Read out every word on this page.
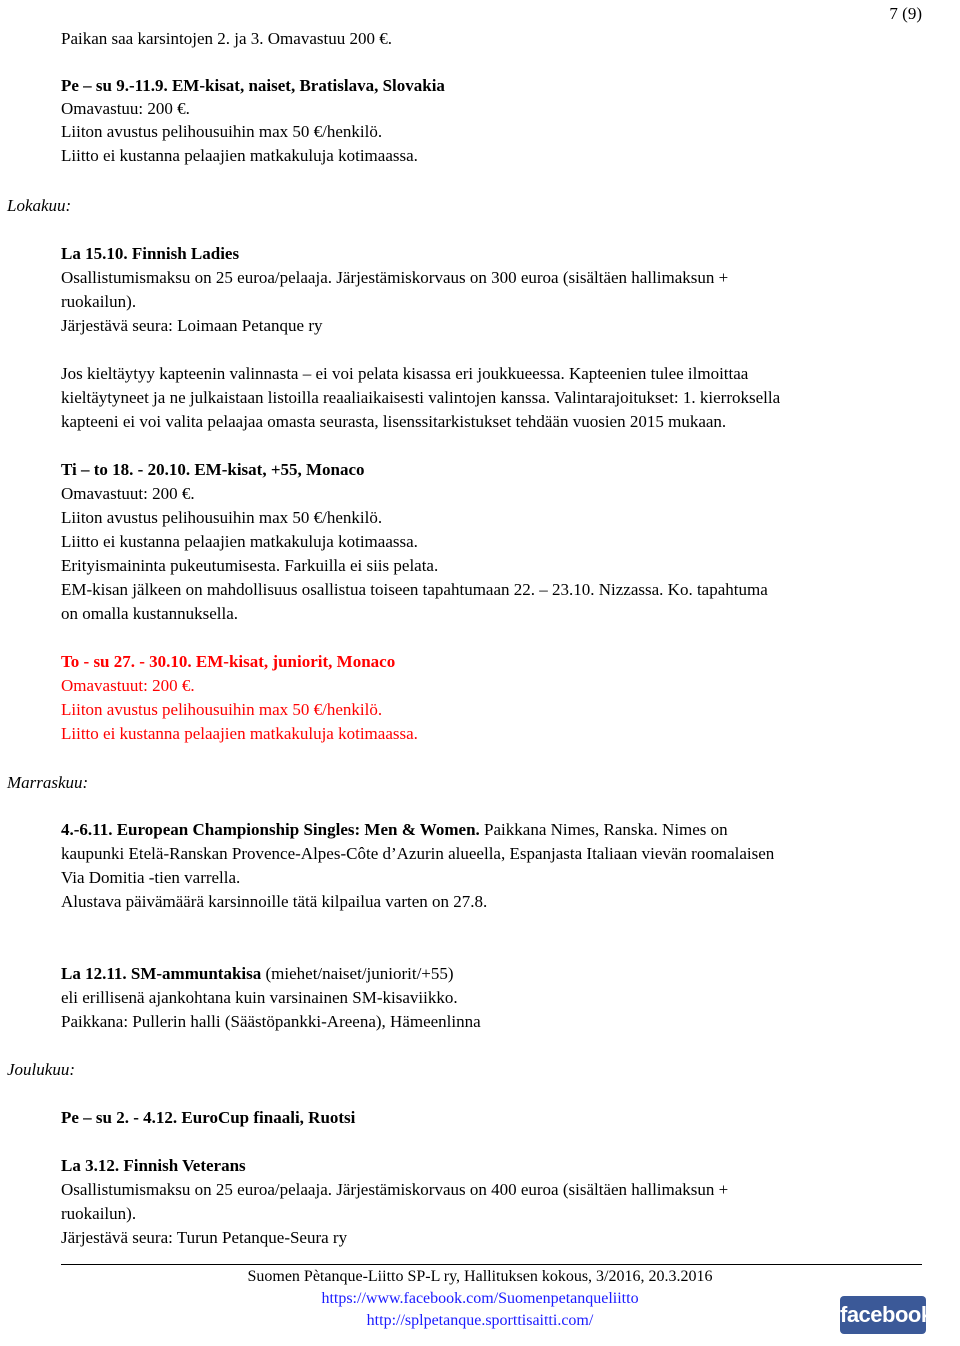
7 (9)
Paikan saa karsintojen 2. ja 3. Omavastuu 200 €.
Pe – su 9.-11.9. EM-kisat, naiset, Bratislava, Slovakia
Omavastuu: 200 €.
Liiton avustus pelihousuihin max 50 €/henkilö.
Liitto ei kustanna pelaajien matkakuluja kotimaassa.
Lokakuu:
La 15.10. Finnish Ladies
Osallistumismaksu on 25 euroa/pelaaja. Järjestämiskorvaus on 300 euroa (sisältäen hallimaksun +
ruokailun).
Järjestävä seura: Loimaan Petanque ry
Jos kieltäytyy kapteenin valinnasta – ei voi pelata kisassa eri joukkueessa. Kapteenien tulee ilmoittaa
kieltäytyneet ja ne julkaistaan listoilla reaaliaikaisesti valintojen kanssa. Valintarajoitukset: 1. kierroksella
kapteeni ei voi valita pelaajaa omasta seurasta, lisenssitarkistukset tehdään vuosien 2015 mukaan.
Ti – to 18. - 20.10. EM-kisat, +55, Monaco
Omavastuut: 200 €.
Liiton avustus pelihousuihin max 50 €/henkilö.
Liitto ei kustanna pelaajien matkakuluja kotimaassa.
Erityismaininta pukeutumisesta. Farkuilla ei siis pelata.
EM-kisan jälkeen on mahdollisuus osallistua toiseen tapahtumaan 22. – 23.10. Nizzassa. Ko. tapahtuma
on omalla kustannuksella.
To - su 27. - 30.10. EM-kisat, juniorit, Monaco
Omavastuut: 200 €.
Liiton avustus pelihousuihin max 50 €/henkilö.
Liitto ei kustanna pelaajien matkakuluja kotimaassa.
Marraskuu:
4.-6.11. European Championship Singles: Men & Women. Paikkana Nimes, Ranska. Nimes on
kaupunki Etelä-Ranskan Provence-Alpes-Côte d’Azurin alueella, Espanjasta Italiaan vievän roomalaisen
Via Domitia -tien varrella.
Alustava päivämäärä karsinnoille tätä kilpailua varten on 27.8.
La 12.11. SM-ammuntakisa (miehet/naiset/juniorit/+55)
eli erillisenä ajankohtana kuin varsinainen SM-kisaviikko.
Paikkana: Pullerin halli (Säästöpankki-Areena), Hämeenlinna
Joulukuu:
Pe – su 2. - 4.12. EuroCup finaali, Ruotsi
La 3.12. Finnish Veterans
Osallistumismaksu on 25 euroa/pelaaja. Järjestämiskorvaus on 400 euroa (sisältäen hallimaksun +
ruokailun).
Järjestävä seura: Turun Petanque-Seura ry
Suomen Pètanque-Liitto SP-L ry, Hallituksen kokous, 3/2016, 20.3.2016
https://www.facebook.com/Suomenpetanqueliitto
http://splpetanque.sporttisaitti.com/	facebook
